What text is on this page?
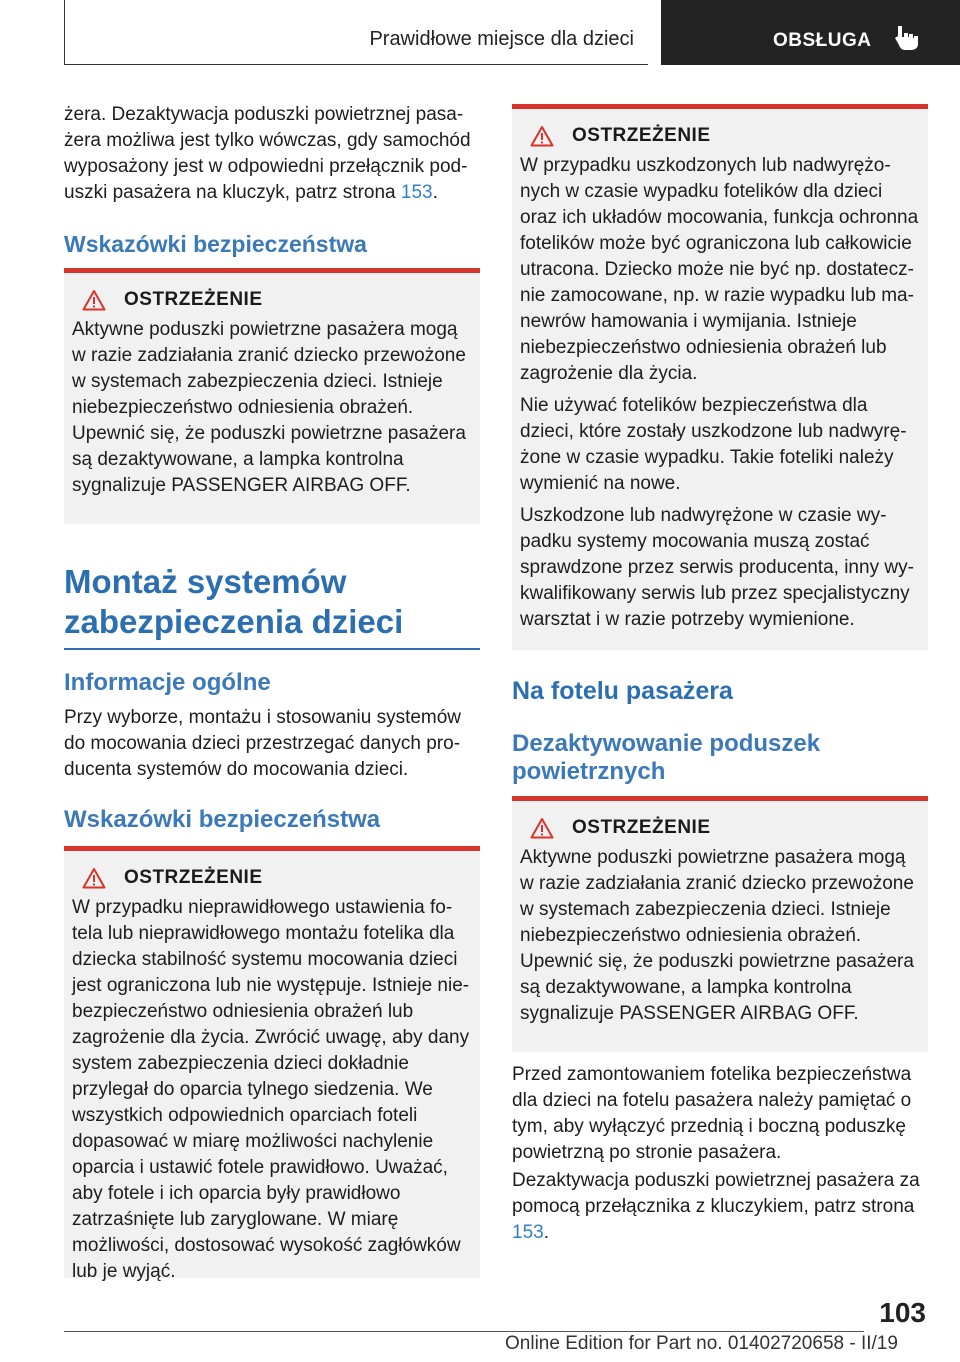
Prawidłowe miejsce dla dzieci	OBSŁUGA

żera. Dezaktywacja poduszki powietrznej pasażera możliwa jest tylko wówczas, gdy samochód wyposażony jest w odpowiedni przełącznik poduszki pasażera na kluczyk, patrz strona 153.

Wskazówki bezpieczeństwa
OSTRZEŻENIE

Aktywne poduszki powietrzne pasażera mogą w razie zadziałania zranić dziecko przewożone w systemach zabezpieczenia dzieci. Istnieje niebezpieczeństwo odniesienia obrażeń. Upewnić się, że poduszki powietrzne pasażera są dezaktywowane, a lampka kontrolna sygnalizuje PASSENGER AIRBAG OFF.

Montaż systemów zabezpieczenia dzieci
Informacje ogólne

Przy wyborze, montażu i stosowaniu systemów do mocowania dzieci przestrzegać danych producenta systemów do mocowania dzieci.

Wskazówki bezpieczeństwa
OSTRZEŻENIE

W przypadku nieprawidłowego ustawienia fotela lub nieprawidłowego montażu fotelika dla dziecka stabilność systemu mocowania dzieci jest ograniczona lub nie występuje. Istnieje niebezpieczeństwo odniesienia obrażeń lub zagrożenie dla życia. Zwrócić uwagę, aby dany system zabezpieczenia dzieci dokładnie przylegał do oparcia tylnego siedzenia. We wszystkich odpowiednich oparciach foteli dopasować w miarę możliwości nachylenie oparcia i ustawić fotele prawidłowo. Uważać, aby fotele i ich oparcia były prawidłowo zatrzaśnięte lub zaryglowane. W miarę możliwości, dostosować wysokość zagłówków lub je wyjąć.

OSTRZEŻENIE

W przypadku uszkodzonych lub nadwyrężonych w czasie wypadku fotelików dla dzieci oraz ich układów mocowania, funkcja ochronna fotelików może być ograniczona lub całkowicie utracona. Dziecko może nie być np. dostatecznie zamocowane, np. w razie wypadku lub manewrów hamowania i wymijania. Istnieje niebezpieczeństwo odniesienia obrażeń lub zagrożenie dla życia.

Nie używać fotelików bezpieczeństwa dla dzieci, które zostały uszkodzone lub nadwyrężone w czasie wypadku. Takie foteliki należy wymienić na nowe.

Uszkodzone lub nadwyrężone w czasie wypadku systemy mocowania muszą zostać sprawdzone przez serwis producenta, inny wykwalifikowany serwis lub przez specjalistyczny warsztat i w razie potrzeby wymienione.

Na fotelu pasażera
Dezaktywowanie poduszek powietrznych
OSTRZEŻENIE

Aktywne poduszki powietrzne pasażera mogą w razie zadziałania zranić dziecko przewożone w systemach zabezpieczenia dzieci. Istnieje niebezpieczeństwo odniesienia obrażeń. Upewnić się, że poduszki powietrzne pasażera są dezaktywowane, a lampka kontrolna sygnalizuje PASSENGER AIRBAG OFF.

Przed zamontowaniem fotelika bezpieczeństwa dla dzieci na fotelu pasażera należy pamiętać o tym, aby wyłączyć przednią i boczną poduszkę powietrzną po stronie pasażera.

Dezaktywacja poduszki powietrznej pasażera za pomocą przełącznika z kluczykiem, patrz strona 153.

103
Online Edition for Part no. 01402720658 - II/19
